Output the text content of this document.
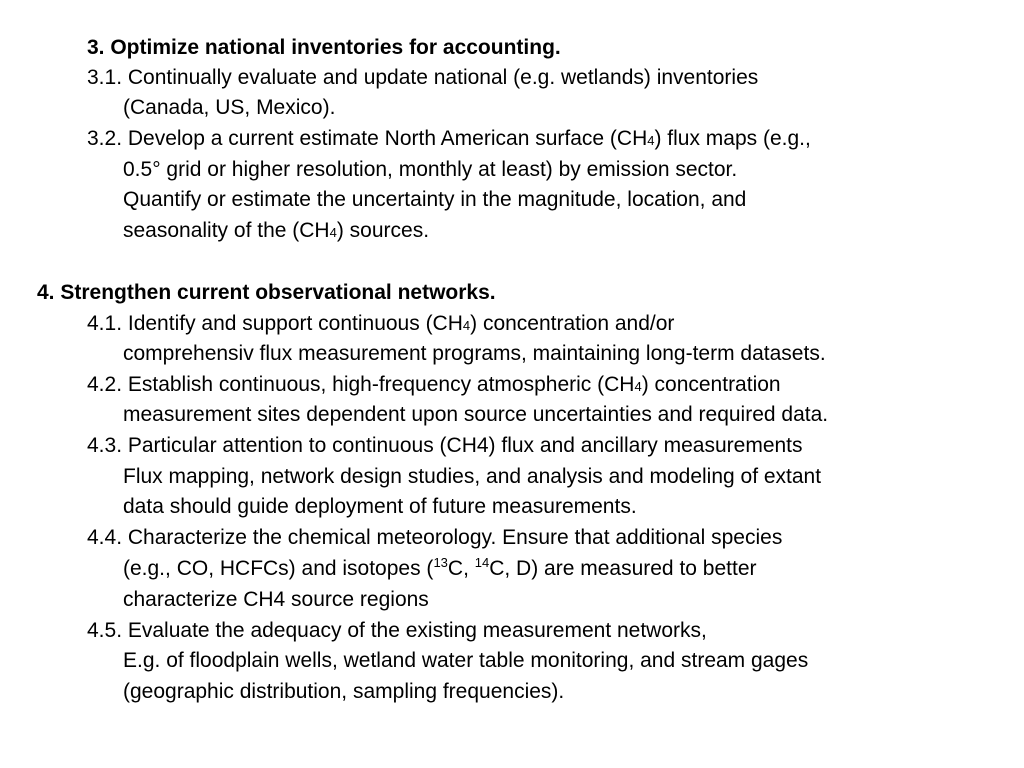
3. Optimize national inventories for accounting.
3.1. Continually evaluate and update national (e.g. wetlands) inventories
(Canada, US, Mexico).
3.2. Develop a current estimate North American surface (CH4) flux maps (e.g.,
0.5° grid or higher resolution, monthly at least) by emission sector.
Quantify or estimate the uncertainty in the magnitude, location, and
seasonality of the (CH4) sources.
4. Strengthen current observational networks.
4.1. Identify and support continuous (CH4) concentration and/or
comprehensiv flux measurement programs, maintaining long-term datasets.
4.2. Establish continuous, high-frequency atmospheric (CH4) concentration
measurement sites dependent upon source uncertainties and required data.
4.3. Particular attention to continuous (CH4) flux and ancillary measurements
Flux mapping, network design studies, and analysis and modeling of extant
data should guide deployment of future measurements.
4.4. Characterize the chemical meteorology. Ensure that additional species
(e.g., CO, HCFCs) and isotopes ($^{13}$C, $^{14}$C, D) are measured to better
characterize CH4 source regions
4.5. Evaluate the adequacy of the existing measurement networks,
E.g. of floodplain wells, wetland water table monitoring, and stream gages
(geographic distribution, sampling frequencies).
